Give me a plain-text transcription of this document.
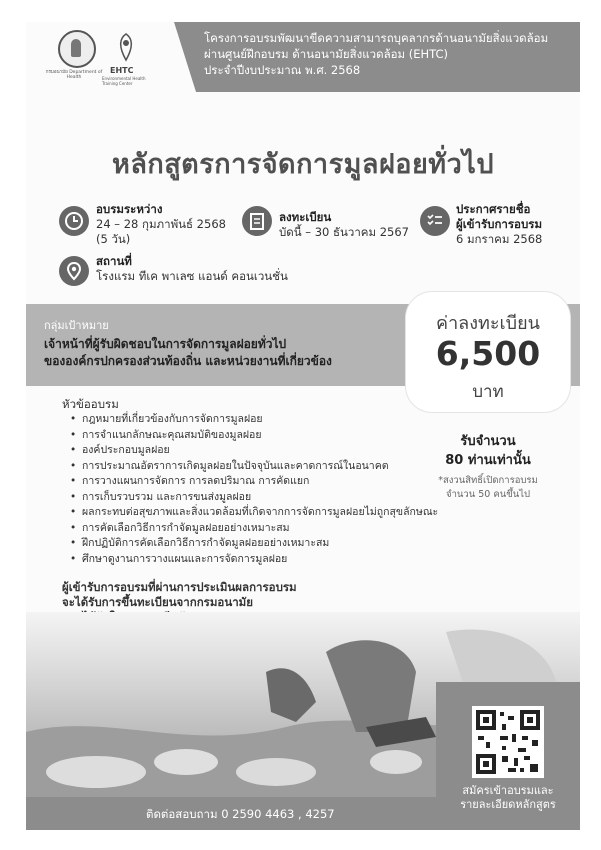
กรมอนามัย Department of Health
EHTC
Environmental Health Training Center
โครงการอบรมพัฒนาขีดความสามารถบุคลากรด้านอนามัยสิ่งแวดล้อม
ผ่านศูนย์ฝึกอบรม ด้านอนามัยสิ่งแวดล้อม (EHTC)
ประจำปีงบประมาณ พ.ศ. 2568
หลักสูตรการจัดการมูลฝอยทั่วไป
อบรมระหว่าง
24 – 28 กุมภาพันธ์ 2568
(5 วัน)
ลงทะเบียน
บัดนี้ – 30 ธันวาคม 2567
ประกาศรายชื่อ
ผู้เข้ารับการอบรม
6 มกราคม 2568
สถานที่
โรงแรม ทีเค พาเลซ แอนด์ คอนเวนชั่น
กลุ่มเป้าหมาย
เจ้าหน้าที่ผู้รับผิดชอบในการจัดการมูลฝอยทั่วไป
ขององค์กรปกครองส่วนท้องถิ่น และหน่วยงานที่เกี่ยวข้อง
ค่าลงทะเบียน
6,500
บาท
รับจำนวน
80 ท่านเท่านั้น
*สงวนสิทธิ์เปิดการอบรม
จำนวน 50 คนขึ้นไป
หัวข้ออบรม
• กฎหมายที่เกี่ยวข้องกับการจัดการมูลฝอย
• การจำแนกลักษณะคุณสมบัติของมูลฝอย
• องค์ประกอบมูลฝอย
• การประมาณอัตราการเกิดมูลฝอยในปัจจุบันและคาดการณ์ในอนาคต
• การวางแผนการจัดการ การลดปริมาณ การคัดแยก
• การเก็บรวบรวม และการขนส่งมูลฝอย
• ผลกระทบต่อสุขภาพและสิ่งแวดล้อมที่เกิดจากการจัดการมูลฝอยไม่ถูกสุขลักษณะ
• การคัดเลือกวิธีการกำจัดมูลฝอยอย่างเหมาะสม
• ฝึกปฏิบัติการคัดเลือกวิธีการกำจัดมูลฝอยอย่างเหมาะสม
• ศึกษาดูงานการวางแผนและการจัดการมูลฝอย
ผู้เข้ารับการอบรมที่ผ่านการประเมินผลการอบรม
จะได้รับการขึ้นทะเบียนจากกรมอนามัย

สมัครเข้าอบรมและ
รายละเอียดหลักสูตร
ติดต่อสอบถาม 0 2590 4463 , 4257
